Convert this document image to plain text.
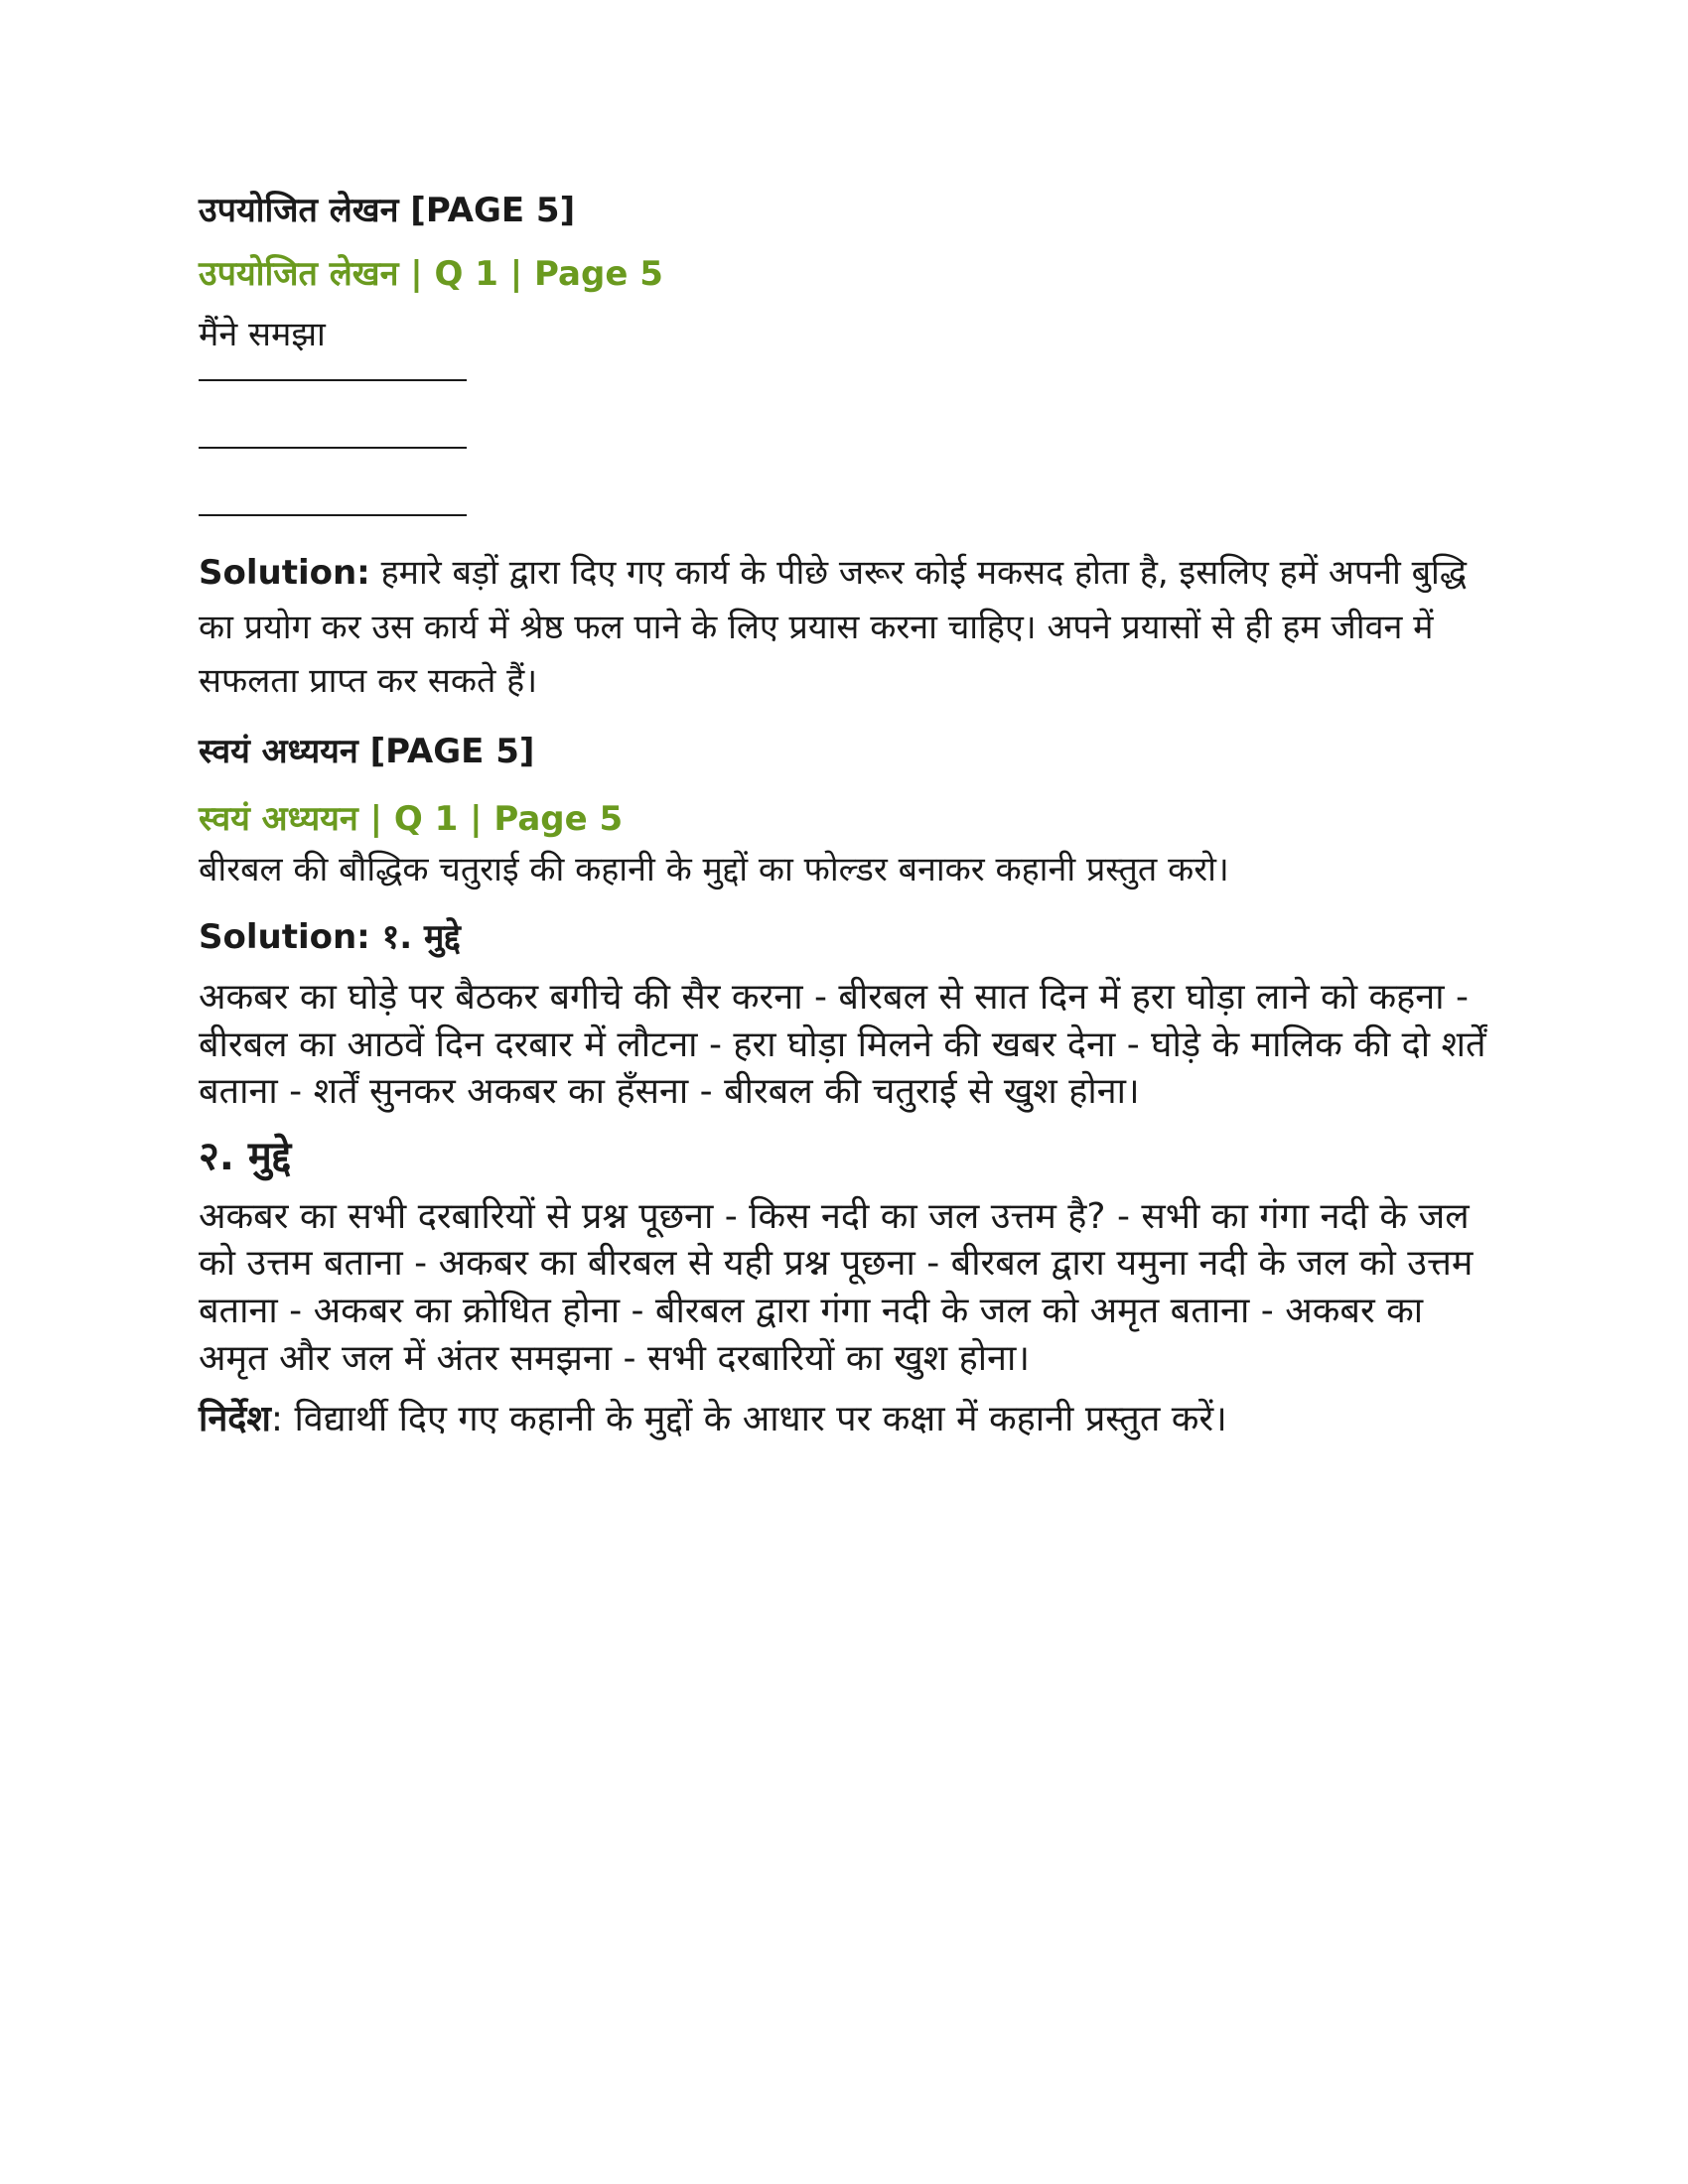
उपयोजित लेखन [PAGE 5]
उपयोजित लेखन | Q 1 | Page 5

मैंने समझा

Solution: हमारे बड़ों द्वारा दिए गए कार्य के पीछे जरूर कोई मकसद होता है, इसलिए हमें अपनी बुद्धि का प्रयोग कर उस कार्य में श्रेष्ठ फल पाने के लिए प्रयास करना चाहिए। अपने प्रयासों से ही हम जीवन में सफलता प्राप्त कर सकते हैं।

स्वयं अध्ययन [PAGE 5]
स्वयं अध्ययन | Q 1 | Page 5

बीरबल की बौद्धिक चतुराई की कहानी के मुद्दों का फोल्डर बनाकर कहानी प्रस्तुत करो।

Solution: १. मुद्दे

अकबर का घोड़े पर बैठकर बगीचे की सैर करना - बीरबल से सात दिन में हरा घोड़ा लाने को कहना - बीरबल का आठवें दिन दरबार में लौटना - हरा घोड़ा मिलने की खबर देना - घोड़े के मालिक की दो शर्तें बताना - शर्तें सुनकर अकबर का हँसना - बीरबल की चतुराई से खुश होना।

२. मुद्दे

अकबर का सभी दरबारियों से प्रश्न पूछना - किस नदी का जल उत्तम है? - सभी का गंगा नदी के जल को उत्तम बताना - अकबर का बीरबल से यही प्रश्न पूछना - बीरबल द्वारा यमुना नदी के जल को उत्तम बताना - अकबर का क्रोधित होना - बीरबल द्वारा गंगा नदी के जल को अमृत बताना - अकबर का अमृत और जल में अंतर समझना - सभी दरबारियों का खुश होना।

निर्देश: विद्यार्थी दिए गए कहानी के मुद्दों के आधार पर कक्षा में कहानी प्रस्तुत करें।
